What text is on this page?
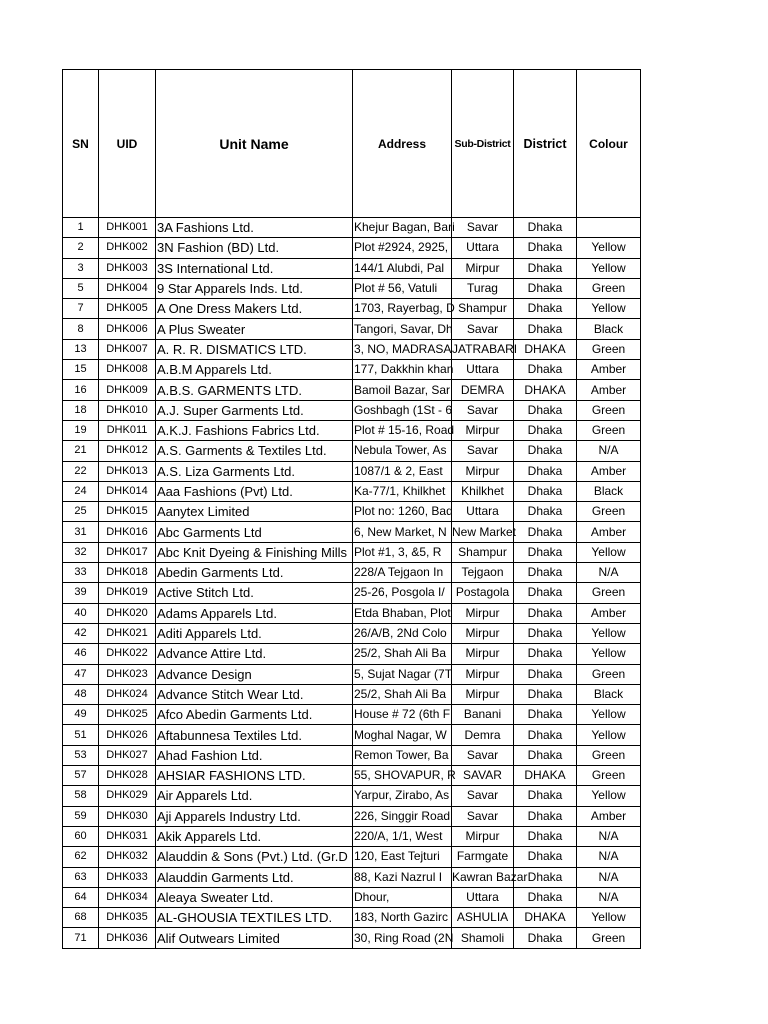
SN	UID	Unit Name	Address	Sub-District	District	Colour
1	DHK001	3A Fashions Ltd.	Khejur Bagan, Bari	Savar	Dhaka	
2	DHK002	3N Fashion (BD) Ltd.	Plot #2924, 2925,	Uttara	Dhaka	Yellow
3	DHK003	3S International Ltd.	144/1 Alubdi, Pal	Mirpur	Dhaka	Yellow
5	DHK004	9 Star Apparels Inds. Ltd.	Plot # 56, Vatuli	Turag	Dhaka	Green
7	DHK005	A One Dress Makers Ltd.	1703, Rayerbag, D	Shampur	Dhaka	Yellow
8	DHK006	A Plus Sweater	Tangori, Savar, Dh	Savar	Dhaka	Black
13	DHK007	A. R. R. DISMATICS LTD.	3, NO, MADRASA	JATRABARI	DHAKA	Green
15	DHK008	A.B.M Apparels Ltd.	177, Dakkhin khan	Uttara	Dhaka	Amber
16	DHK009	A.B.S. GARMENTS LTD.	Bamoil Bazar, Sar	DEMRA	DHAKA	Amber
18	DHK010	A.J. Super Garments Ltd.	Goshbagh (1St - 6	Savar	Dhaka	Green
19	DHK011	A.K.J. Fashions Fabrics Ltd.	Plot # 15-16, Road	Mirpur	Dhaka	Green
21	DHK012	A.S. Garments & Textiles Ltd.	Nebula Tower, As	Savar	Dhaka	N/A
22	DHK013	A.S. Liza Garments Ltd.	1087/1 & 2, East	Mirpur	Dhaka	Amber
24	DHK014	Aaa Fashions (Pvt) Ltd.	Ka-77/1, Khilkhet	Khilkhet	Dhaka	Black
25	DHK015	Aanytex Limited	Plot no: 1260, Bad	Uttara	Dhaka	Green
31	DHK016	Abc Garments Ltd	6, New Market, N	New Market	Dhaka	Amber
32	DHK017	Abc Knit Dyeing & Finishing Mills	Plot #1, 3, &5, R	Shampur	Dhaka	Yellow
33	DHK018	Abedin Garments Ltd.	228/A Tejgaon In	Tejgaon	Dhaka	N/A
39	DHK019	Active Stitch Ltd.	25-26, Posgola I/	Postagola	Dhaka	Green
40	DHK020	Adams Apparels Ltd.	Etda Bhaban, Plot	Mirpur	Dhaka	Amber
42	DHK021	Aditi Apparels Ltd.	26/A/B, 2Nd Colo	Mirpur	Dhaka	Yellow
46	DHK022	Advance Attire Ltd.	25/2, Shah Ali Ba	Mirpur	Dhaka	Yellow
47	DHK023	Advance Design	5, Sujat Nagar (7T	Mirpur	Dhaka	Green
48	DHK024	Advance Stitch Wear Ltd.	25/2, Shah Ali Ba	Mirpur	Dhaka	Black
49	DHK025	Afco Abedin Garments Ltd.	House # 72 (6th F	Banani	Dhaka	Yellow
51	DHK026	Aftabunnesa Textiles Ltd.	Moghal Nagar, W	Demra	Dhaka	Yellow
53	DHK027	Ahad Fashion Ltd.	Remon Tower, Ba	Savar	Dhaka	Green
57	DHK028	AHSIAR FASHIONS LTD.	55, SHOVAPUR, R	SAVAR	DHAKA	Green
58	DHK029	Air Apparels Ltd.	Yarpur, Zirabo, As	Savar	Dhaka	Yellow
59	DHK030	Aji Apparels Industry Ltd.	226, Singgir Road	Savar	Dhaka	Amber
60	DHK031	Akik Apparels Ltd.	220/A, 1/1, West	Mirpur	Dhaka	N/A
62	DHK032	Alauddin & Sons (Pvt.) Ltd. (Gr.D	120, East Tejturi	Farmgate	Dhaka	N/A
63	DHK033	Alauddin Garments Ltd.	88, Kazi Nazrul I	Kawran Bazar	Dhaka	N/A
64	DHK034	Aleaya Sweater Ltd.	Dhour,	Uttara	Dhaka	N/A
68	DHK035	AL-GHOUSIA TEXTILES LTD.	183, North Gazirc	ASHULIA	DHAKA	Yellow
71	DHK036	Alif Outwears Limited	30, Ring Road (2N	Shamoli	Dhaka	Green
